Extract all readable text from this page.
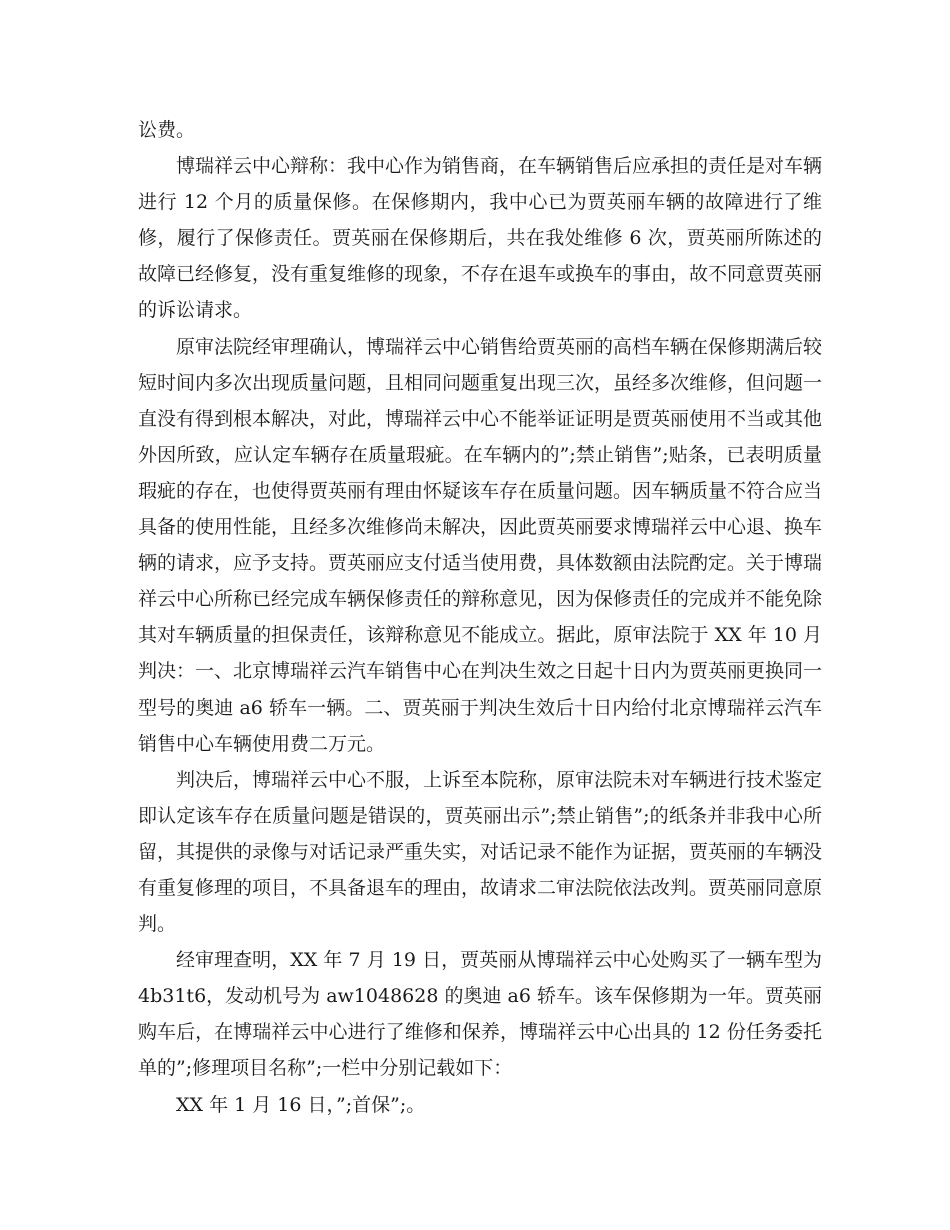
讼费。

博瑞祥云中心辩称：我中心作为销售商，在车辆销售后应承担的责任是对车辆进行 12 个月的质量保修。在保修期内，我中心已为贾英丽车辆的故障进行了维修，履行了保修责任。贾英丽在保修期后，共在我处维修 6 次，贾英丽所陈述的故障已经修复，没有重复维修的现象，不存在退车或换车的事由，故不同意贾英丽的诉讼请求。

原审法院经审理确认，博瑞祥云中心销售给贾英丽的高档车辆在保修期满后较短时间内多次出现质量问题，且相同问题重复出现三次，虽经多次维修，但问题一直没有得到根本解决，对此，博瑞祥云中心不能举证证明是贾英丽使用不当或其他外因所致，应认定车辆存在质量瑕疵。在车辆内的”;禁止销售”;贴条，已表明质量瑕疵的存在，也使得贾英丽有理由怀疑该车存在质量问题。因车辆质量不符合应当具备的使用性能，且经多次维修尚未解决，因此贾英丽要求博瑞祥云中心退、换车辆的请求，应予支持。贾英丽应支付适当使用费，具体数额由法院酌定。关于博瑞祥云中心所称已经完成车辆保修责任的辩称意见，因为保修责任的完成并不能免除其对车辆质量的担保责任，该辩称意见不能成立。据此，原审法院于 XX 年 10 月判决：一、北京博瑞祥云汽车销售中心在判决生效之日起十日内为贾英丽更换同一型号的奥迪 a6 轿车一辆。二、贾英丽于判决生效后十日内给付北京博瑞祥云汽车销售中心车辆使用费二万元。

判决后，博瑞祥云中心不服，上诉至本院称，原审法院未对车辆进行技术鉴定即认定该车存在质量问题是错误的，贾英丽出示”;禁止销售”;的纸条并非我中心所留，其提供的录像与对话记录严重失实，对话记录不能作为证据，贾英丽的车辆没有重复修理的项目，不具备退车的理由，故请求二审法院依法改判。贾英丽同意原判。

经审理查明，XX 年 7 月 19 日，贾英丽从博瑞祥云中心处购买了一辆车型为 4b31t6，发动机号为 aw1048628 的奥迪 a6 轿车。该车保修期为一年。贾英丽购车后，在博瑞祥云中心进行了维修和保养，博瑞祥云中心出具的 12 份任务委托单的”;修理项目名称”;一栏中分别记载如下：

XX 年 1 月 16 日，”;首保”;。
